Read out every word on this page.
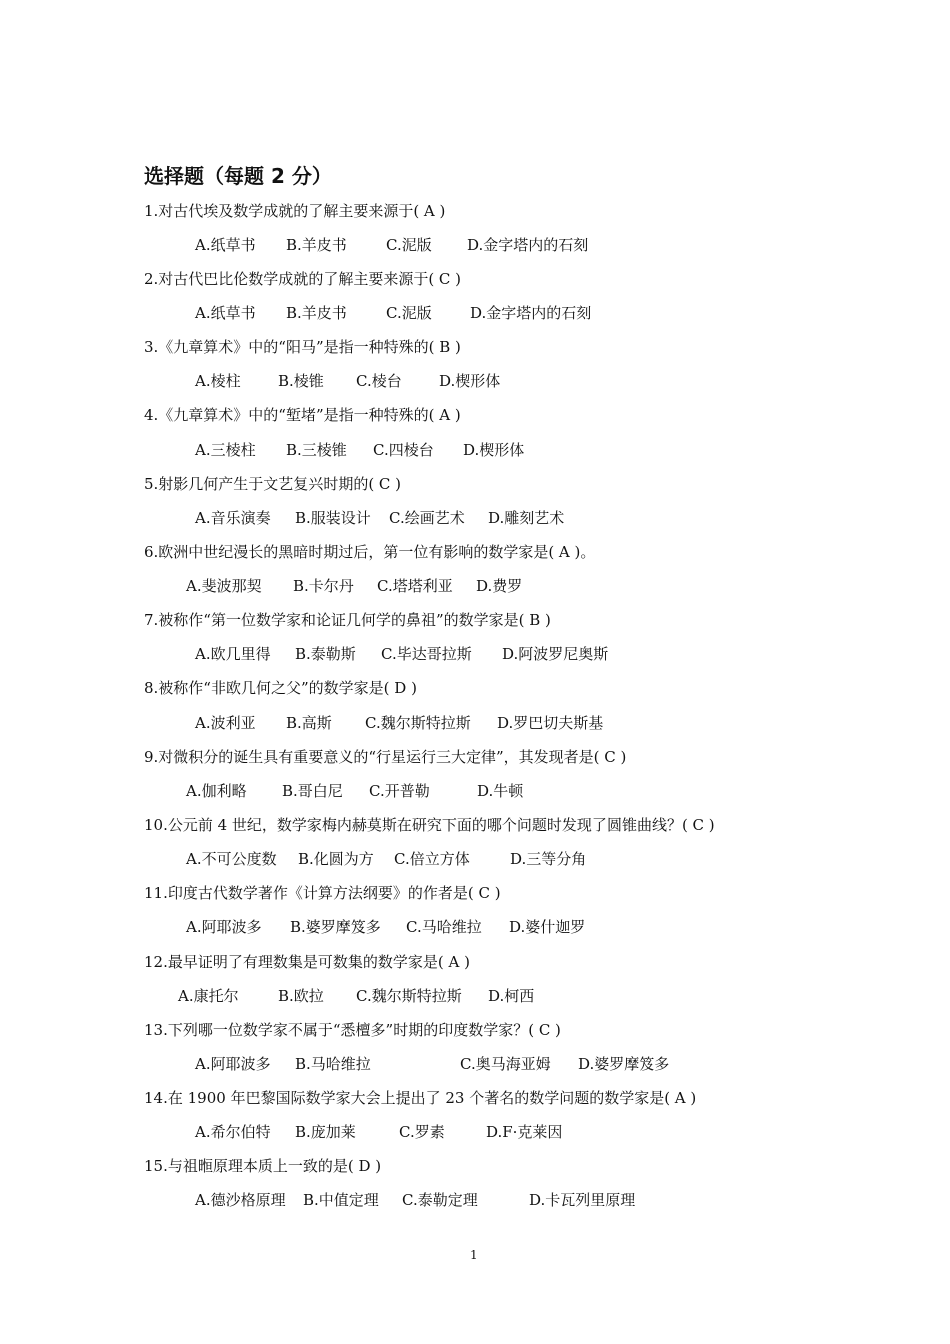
选择题（每题 2 分）
1.对古代埃及数学成就的了解主要来源于( A )
A.纸草书 B.羊皮书	C.泥版 D.金字塔内的石刻
2.对古代巴比伦数学成就的了解主要来源于( C )
A.纸草书 B.羊皮书	C.泥版	D.金字塔内的石刻
3.《九章算术》中的“阳马”是指一种特殊的( B )
A.棱柱 B.棱锥 C.棱台 D.楔形体
4.《九章算术》中的“堑堵”是指一种特殊的( A )
A.三棱柱 B.三棱锥 C.四棱台 D.楔形体
5.射影几何产生于文艺复兴时期的( C )
A.音乐演奏 B.服装设计 C.绘画艺术 D.雕刻艺术
6.欧洲中世纪漫长的黑暗时期过后，第一位有影响的数学家是( A )。
A.斐波那契 B.卡尔丹 C.塔塔利亚 D.费罗
7.被称作“第一位数学家和论证几何学的鼻祖”的数学家是( B )
A.欧几里得 B.泰勒斯 C.毕达哥拉斯 D.阿波罗尼奥斯
8.被称作“非欧几何之父”的数学家是( D )
A.波利亚 B.高斯 C.魏尔斯特拉斯 D.罗巴切夫斯基
9.对微积分的诞生具有重要意义的“行星运行三大定律”，其发现者是( C )
A.伽利略 B.哥白尼 C.开普勒	D.牛顿
10.公元前 4 世纪，数学家梅内赫莫斯在研究下面的哪个问题时发现了圆锥曲线？( C )
A.不可公度数 B.化圆为方 C.倍立方体	D.三等分角
11.印度古代数学著作《计算方法纲要》的作者是( C )
A.阿耶波多 B.婆罗摩笈多 C.马哈维拉 D.婆什迦罗
12.最早证明了有理数集是可数集的数学家是( A )
A.康托尔	B.欧拉 C.魏尔斯特拉斯 D.柯西
13.下列哪一位数学家不属于“悉檀多”时期的印度数学家？( C )
A.阿耶波多 B.马哈维拉	C.奥马海亚姆 D.婆罗摩笈多
14.在 1900 年巴黎国际数学家大会上提出了 23 个著名的数学问题的数学家是( A )
A.希尔伯特 B.庞加莱	C.罗素	D.F·克莱因
15.与祖暅原理本质上一致的是( D )
A.德沙格原理 B.中值定理 C.泰勒定理	D.卡瓦列里原理
1
